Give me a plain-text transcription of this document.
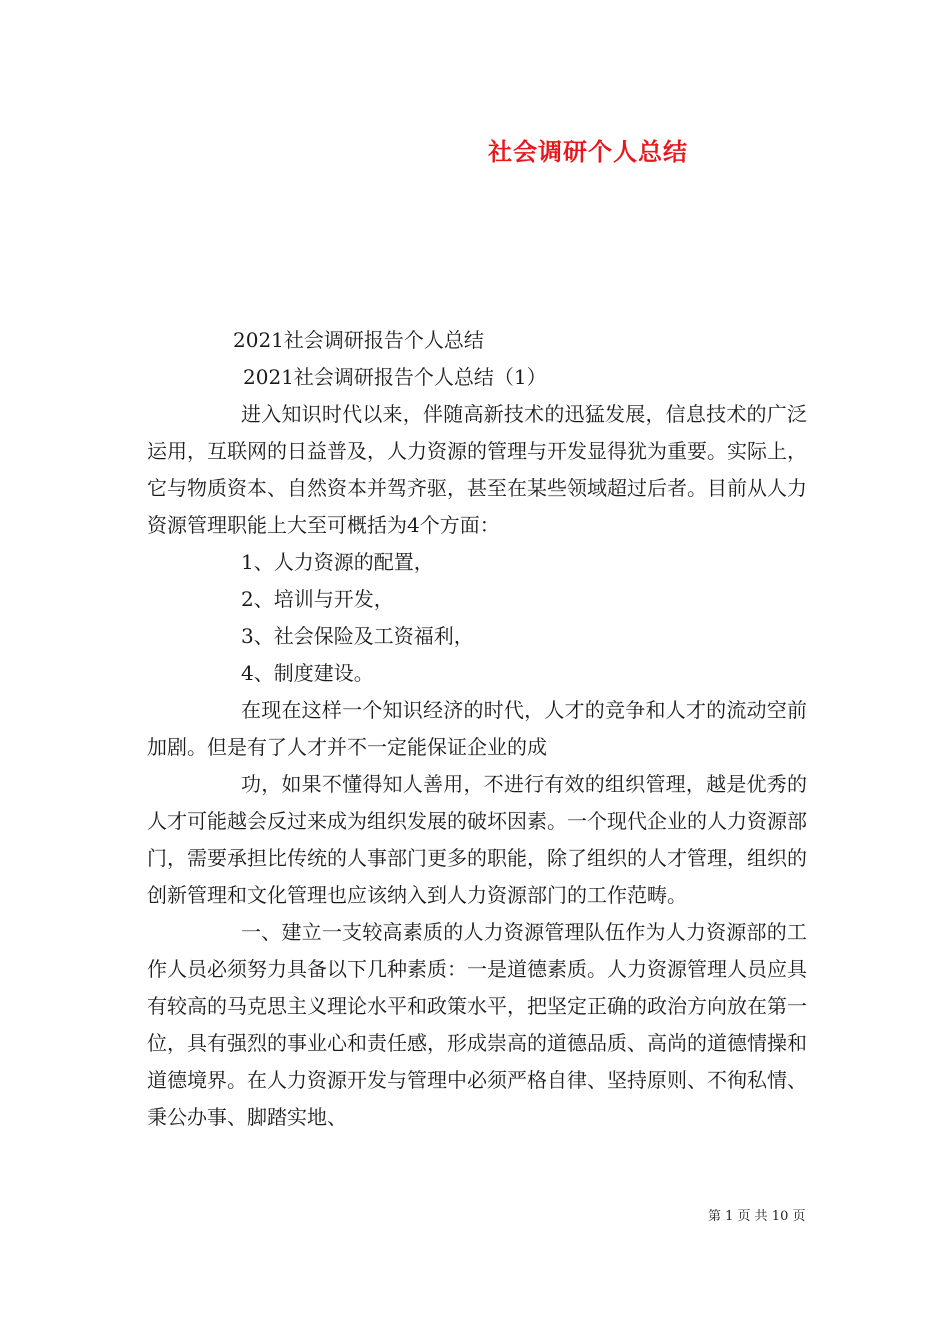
社会调研个人总结

2021社会调研报告个人总结

2021社会调研报告个人总结（1）

进入知识时代以来，伴随高新技术的迅猛发展，信息技术的广泛运用，互联网的日益普及，人力资源的管理与开发显得犹为重要。实际上，它与物质资本、自然资本并驾齐驱，甚至在某些领域超过后者。目前从人力资源管理职能上大至可概括为4个方面：

1、人力资源的配置，

2、培训与开发，

3、社会保险及工资福利，

4、制度建设。

在现在这样一个知识经济的时代，人才的竞争和人才的流动空前加剧。但是有了人才并不一定能保证企业的成

功，如果不懂得知人善用，不进行有效的组织管理，越是优秀的人才可能越会反过来成为组织发展的破坏因素。一个现代企业的人力资源部门，需要承担比传统的人事部门更多的职能，除了组织的人才管理，组织的创新管理和文化管理也应该纳入到人力资源部门的工作范畴。

一、建立一支较高素质的人力资源管理队伍作为人力资源部的工作人员必须努力具备以下几种素质：一是道德素质。人力资源管理人员应具有较高的马克思主义理论水平和政策水平，把坚定正确的政治方向放在第一位，具有强烈的事业心和责任感，形成崇高的道德品质、高尚的道德情操和道德境界。在人力资源开发与管理中必须严格自律、坚持原则、不徇私情、秉公办事、脚踏实地、

第 1 页 共 10 页
